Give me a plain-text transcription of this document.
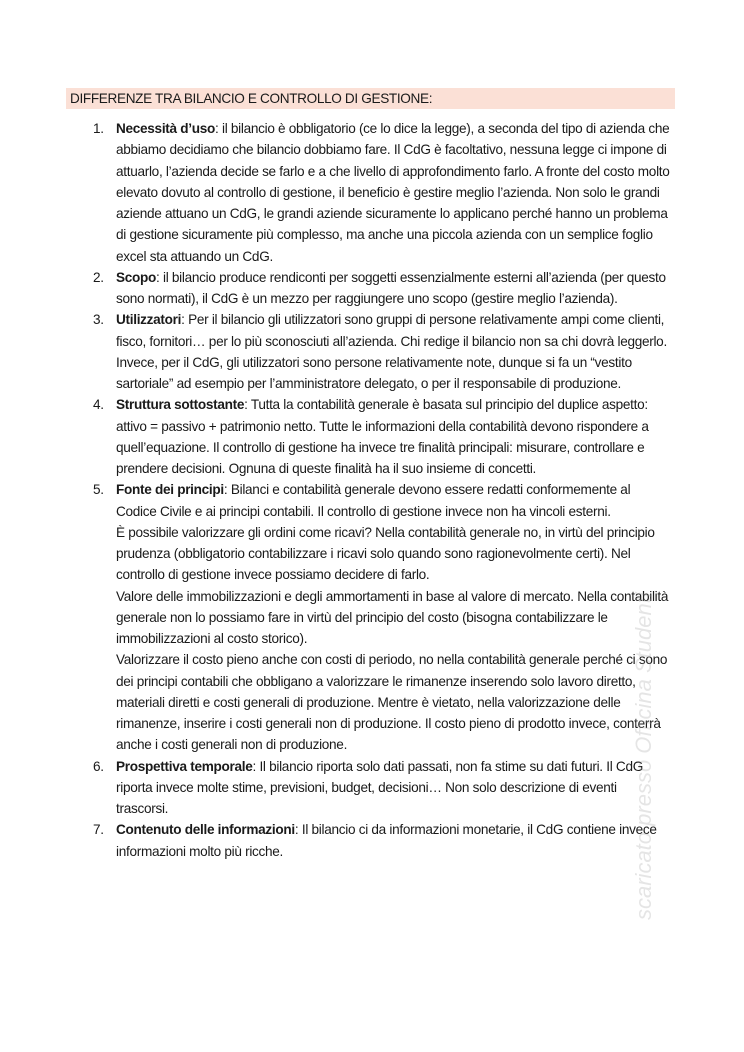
DIFFERENZE TRA BILANCIO E CONTROLLO DI GESTIONE:
1. Necessità d’uso: il bilancio è obbligatorio (ce lo dice la legge), a seconda del tipo di azienda che abbiamo decidiamo che bilancio dobbiamo fare. Il CdG è facoltativo, nessuna legge ci impone di attuarlo, l’azienda decide se farlo e a che livello di approfondimento farlo. A fronte del costo molto elevato dovuto al controllo di gestione, il beneficio è gestire meglio l’azienda. Non solo le grandi aziende attuano un CdG, le grandi aziende sicuramente lo applicano perché hanno un problema di gestione sicuramente più complesso, ma anche una piccola azienda con un semplice foglio excel sta attuando un CdG.
2. Scopo: il bilancio produce rendiconti per soggetti essenzialmente esterni all’azienda (per questo sono normati), il CdG è un mezzo per raggiungere uno scopo (gestire meglio l’azienda).
3. Utilizzatori: Per il bilancio gli utilizzatori sono gruppi di persone relativamente ampi come clienti, fisco, fornitori… per lo più sconosciuti all’azienda. Chi redige il bilancio non sa chi dovrà leggerlo. Invece, per il CdG, gli utilizzatori sono persone relativamente note, dunque si fa un “vestito sartoriale” ad esempio per l’amministratore delegato, o per il responsabile di produzione.
4. Struttura sottostante: Tutta la contabilità generale è basata sul principio del duplice aspetto: attivo = passivo + patrimonio netto. Tutte le informazioni della contabilità devono rispondere a quell’equazione. Il controllo di gestione ha invece tre finalità principali: misurare, controllare e prendere decisioni. Ognuna di queste finalità ha il suo insieme di concetti.
5. Fonte dei principi: Bilanci e contabilità generale devono essere redatti conformemente al Codice Civile e ai principi contabili. Il controllo di gestione invece non ha vincoli esterni.
È possibile valorizzare gli ordini come ricavi? Nella contabilità generale no, in virtù del principio prudenza (obbligatorio contabilizzare i ricavi solo quando sono ragionevolmente certi). Nel controllo di gestione invece possiamo decidere di farlo.
Valore delle immobilizzazioni e degli ammortamenti in base al valore di mercato. Nella contabilità generale non lo possiamo fare in virtù del principio del costo (bisogna contabilizzare le immobilizzazioni al costo storico).
Valorizzare il costo pieno anche con costi di periodo, no nella contabilità generale perché ci sono dei principi contabili che obbligano a valorizzare le rimanenze inserendo solo lavoro diretto, materiali diretti e costi generali di produzione. Mentre è vietato, nella valorizzazione delle rimanenze, inserire i costi generali non di produzione. Il costo pieno di prodotto invece, conterrà anche i costi generali non di produzione.
6. Prospettiva temporale: Il bilancio riporta solo dati passati, non fa stime su dati futuri. Il CdG riporta invece molte stime, previsioni, budget, decisioni… Non solo descrizione di eventi trascorsi.
7. Contenuto delle informazioni: Il bilancio ci da informazioni monetarie, il CdG contiene invece informazioni molto più ricche.	scaricato presso Officina Studenti
